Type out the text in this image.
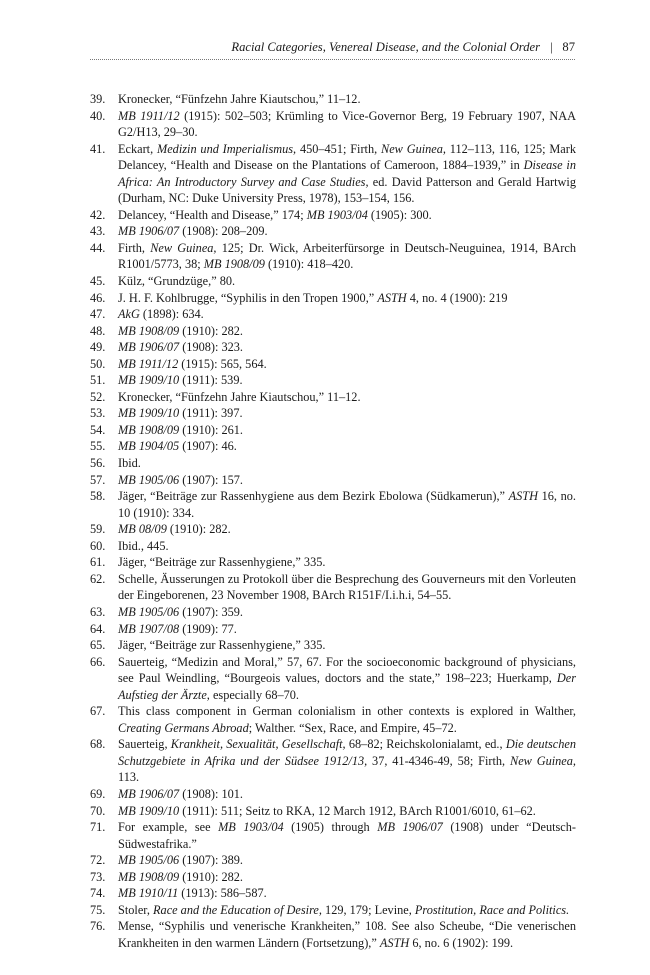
Racial Categories, Venereal Disease, and the Colonial Order | 87
39.	Kronecker, “Fünfzehn Jahre Kiautschou,” 11–12.
40.	MB 1911/12 (1915): 502–503; Krümling to Vice-Governor Berg, 19 February 1907, NAA G2/H13, 29–30.
41.	Eckart, Medizin und Imperialismus, 450–451; Firth, New Guinea, 112–113, 116, 125; Mark Delancey, “Health and Disease on the Plantations of Cameroon, 1884–1939,” in Disease in Africa: An Introductory Survey and Case Studies, ed. David Patterson and Gerald Hartwig (Durham, NC: Duke University Press, 1978), 153–154, 156.
42.	Delancey, “Health and Disease,” 174; MB 1903/04 (1905): 300.
43.	MB 1906/07 (1908): 208–209.
44.	Firth, New Guinea, 125; Dr. Wick, Arbeiterfürsorge in Deutsch-Neuguinea, 1914, BArch R1001/5773, 38; MB 1908/09 (1910): 418–420.
45.	Külz, “Grundzüge,” 80.
46.	J. H. F. Kohlbrugge, “Syphilis in den Tropen 1900,” ASTH 4, no. 4 (1900): 219
47.	AkG (1898): 634.
48.	MB 1908/09 (1910): 282.
49.	MB 1906/07 (1908): 323.
50.	MB 1911/12 (1915): 565, 564.
51.	MB 1909/10 (1911): 539.
52.	Kronecker, “Fünfzehn Jahre Kiautschou,” 11–12.
53.	MB 1909/10 (1911): 397.
54.	MB 1908/09 (1910): 261.
55.	MB 1904/05 (1907): 46.
56.	Ibid.
57.	MB 1905/06 (1907): 157.
58.	Jäger, “Beiträge zur Rassenhygiene aus dem Bezirk Ebolowa (Südkamerun),” ASTH 16, no. 10 (1910): 334.
59.	MB 08/09 (1910): 282.
60.	Ibid., 445.
61.	Jäger, “Beiträge zur Rassenhygiene,” 335.
62.	Schelle, Äusserungen zu Protokoll über die Besprechung des Gouverneurs mit den Vorleuten der Eingeborenen, 23 November 1908, BArch R151F/I.i.h.i, 54–55.
63.	MB 1905/06 (1907): 359.
64.	MB 1907/08 (1909): 77.
65.	Jäger, “Beiträge zur Rassenhygiene,” 335.
66.	Sauerteig, “Medizin and Moral,” 57, 67. For the socioeconomic background of physicians, see Paul Weindling, “Bourgeois values, doctors and the state,” 198–223; Huerkamp, Der Aufstieg der Ärzte, especially 68–70.
67.	This class component in German colonialism in other contexts is explored in Walther, Creating Germans Abroad; Walther. “Sex, Race, and Empire, 45–72.
68.	Sauerteig, Krankheit, Sexualität, Gesellschaft, 68–82; Reichskolonialamt, ed., Die deutschen Schutzgebiete in Afrika und der Südsee 1912/13, 37, 41-4346-49, 58; Firth, New Guinea, 113.
69.	MB 1906/07 (1908): 101.
70.	MB 1909/10 (1911): 511; Seitz to RKA, 12 March 1912, BArch R1001/6010, 61–62.
71.	For example, see MB 1903/04 (1905) through MB 1906/07 (1908) under “Deutsch-Südwestafrika.”
72.	MB 1905/06 (1907): 389.
73.	MB 1908/09 (1910): 282.
74.	MB 1910/11 (1913): 586–587.
75.	Stoler, Race and the Education of Desire, 129, 179; Levine, Prostitution, Race and Politics.
76.	Mense, “Syphilis und venerische Krankheiten,” 108. See also Scheube, “Die venerischen Krankheiten in den warmen Ländern (Fortsetzung),” ASTH 6, no. 6 (1902): 199.
